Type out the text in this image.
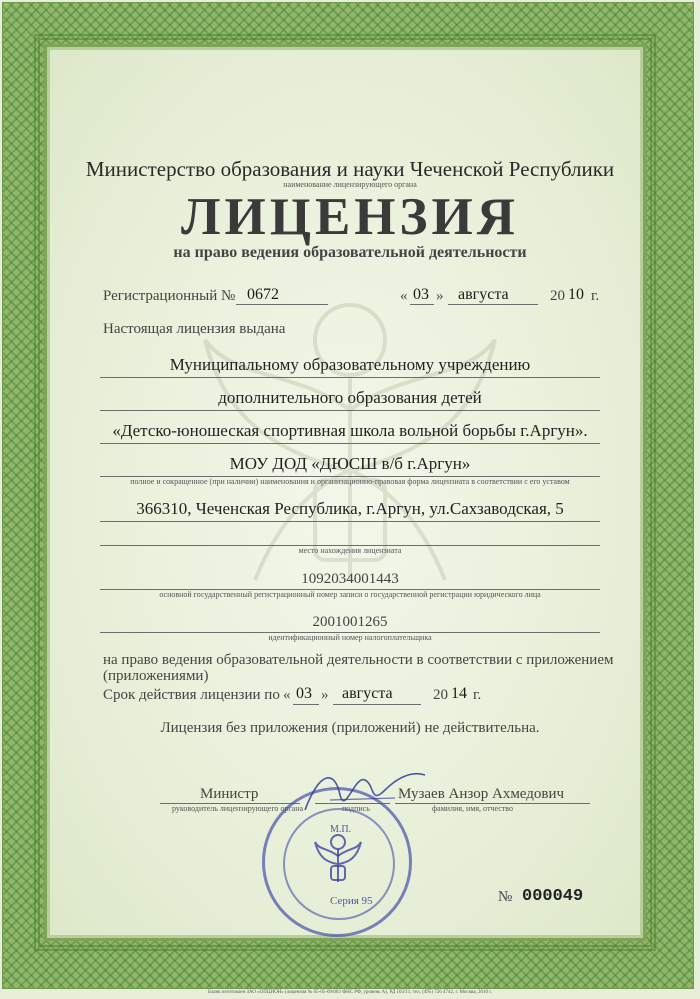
Министерство образования и науки Чеченской Республики
наименование лицензирующего органа
ЛИЦЕНЗИЯ
на право ведения образовательной деятельности
Регистрационный № 0672	« 03 » августа	20 10 г.
Настоящая лицензия выдана
Муниципальному образовательному учреждению
дополнительного образования детей
«Детско-юношеская спортивная школа вольной борьбы г.Аргун».
МОУ ДОД «ДЮСШ в/б г.Аргун»
полное и сокращенное (при наличии) наименования и организационно-правовая форма лицензиата в соответствии с его уставом
366310, Чеченская Республика, г.Аргун, ул.Сахзаводская, 5
место нахождения лицензиата
1092034001443
основной государственный регистрационный номер записи о государственной регистрации юридического лица
2001001265
идентификационный номер налогоплательщика
на право ведения образовательной деятельности в соответствии с приложением
(приложениями)
Срок действия лицензии по « 03 » августа	20 14 г.
Лицензия без приложения (приложений) не действительна.
Министр
руководитель лицензирующего органа	подпись
Музаев Анзор Ахмедович
фамилия, имя, отчество
М.П.
Серия 95	№ 000049
Бланк изготовлен ЗАО «ОПЦИОН» (лицензия № 05-05-09/003 ФНС РФ, уровень А), РД 103/11, тел. (495) 726 4742, г. Москва, 2010 г.
